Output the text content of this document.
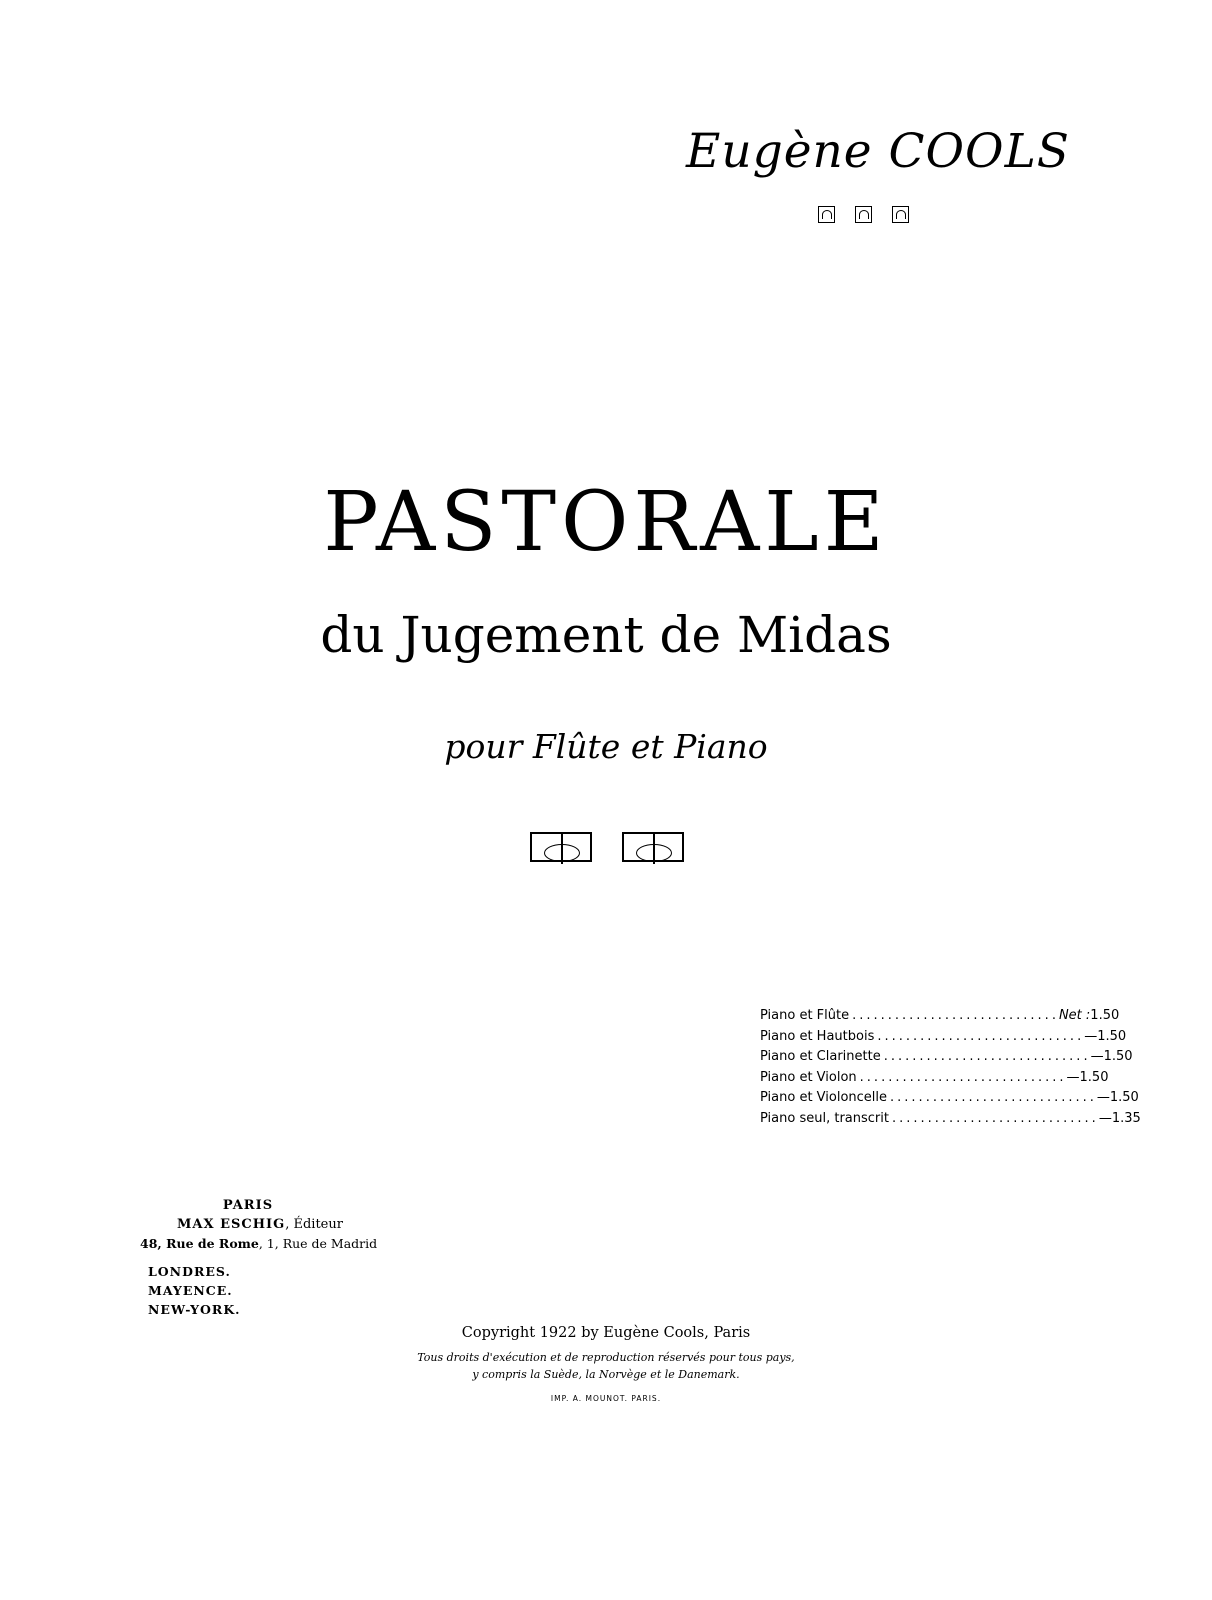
Eugène COOLS
PASTORALE
du Jugement de Midas
pour Flûte et Piano
Piano et Flûte ............................. Net : 1.50
Piano et Hautbois ............................. — 1.50
Piano et Clarinette ............................. — 1.50
Piano et Violon ............................. — 1.50
Piano et Violoncelle ............................. — 1.50
Piano seul, transcrit ............................. — 1.35
PARIS
MAX ESCHIG, Éditeur
48, Rue de Rome, 1, Rue de Madrid
LONDRES.
MAYENCE.
NEW-YORK.
Copyright 1922 by Eugène Cools, Paris
Tous droits d'exécution et de reproduction réservés pour tous pays,
y compris la Suède, la Norvège et le Danemark.
IMP. A. MOUNOT. PARIS.
